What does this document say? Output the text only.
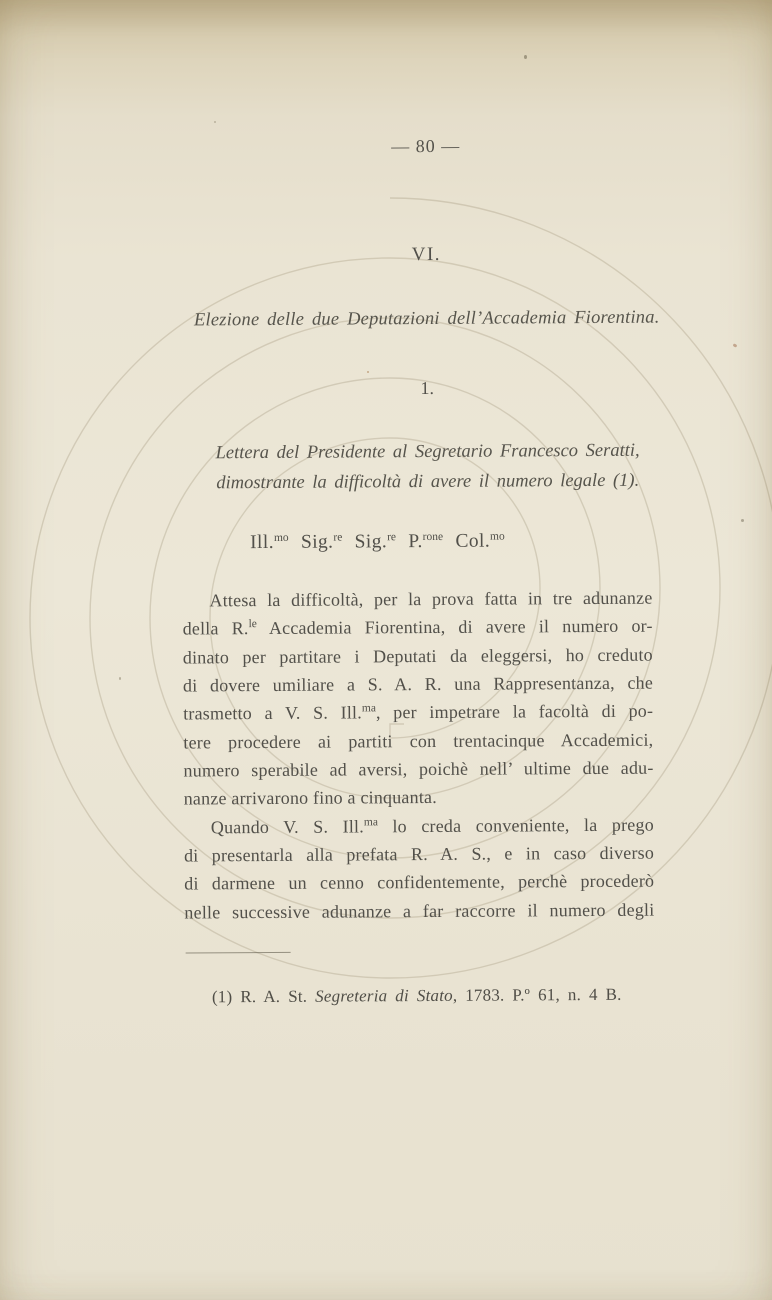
— 80 —
VI.
Elezione delle due Deputazioni dell’Accademia Fiorentina.
1.
Lettera del Presidente al Segretario Francesco Seratti,
dimostrante la difficoltà di avere il numero legale (1).
Ill.$^{mo}$ Sig.$^{re}$ Sig.$^{re}$ P.$^{rone}$ Col.$^{mo}$
Attesa la difficoltà, per la prova fatta in tre adunanze
della R.$^{le}$ Accademia Fiorentina, di avere il numero or-
dinato per partitare i Deputati da eleggersi, ho creduto
di dovere umiliare a S. A. R. una Rappresentanza, che
trasmetto a V. S. Ill.$^{ma}$, per impetrare la facoltà di po-
tere procedere ai partiti con trentacinque Accademici,
numero sperabile ad aversi, poichè nell’ ultime due adu-
nanze arrivarono fino a cinquanta.
Quando V. S. Ill.$^{ma}$ lo creda conveniente, la prego
di presentarla alla prefata R. A. S., e in caso diverso
di darmene un cenno confidentemente, perchè procederò
nelle successive adunanze a far raccorre il numero degli
(1) R. A. St. Segreteria di Stato, 1783. P.º 61, n. 4 B.
